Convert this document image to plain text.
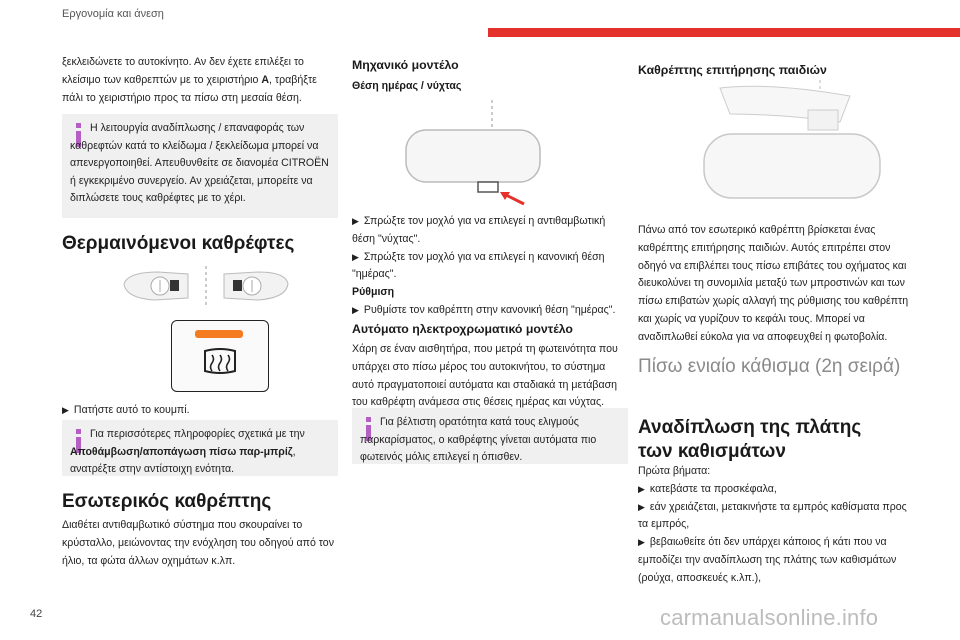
Εργονομία και άνεση
ξεκλειδώνετε το αυτοκίνητο. Αν δεν έχετε επιλέξει το κλείσιμο των καθρεπτών με το χειριστήριο A, τραβήξτε πάλι το χειριστήριο προς τα πίσω στη μεσαία θέση.
Η λειτουργία αναδίπλωσης / επαναφοράς των καθρεφτών κατά το κλείδωμα / ξεκλείδωμα μπορεί να απενεργοποιηθεί. Απευθυνθείτε σε διανομέα CITROËN ή εγκεκριμένο συνεργείο. Αν χρειάζεται, μπορείτε να διπλώσετε τους καθρέφτες με το χέρι.
Θερμαινόμενοι καθρέφτες
▶ Πατήστε αυτό το κουμπί.
Για περισσότερες πληροφορίες σχετικά με την Αποθάμβωση/αποπάγωση πίσω παρ-μπρίζ, ανατρέξτε στην αντίστοιχη ενότητα.
Εσωτερικός καθρέπτης
Διαθέτει αντιθαμβωτικό σύστημα που σκουραίνει το κρύσταλλο, μειώνοντας την ενόχληση του οδηγού από τον ήλιο, τα φώτα άλλων οχημάτων κ.λπ.
Μηχανικό μοντέλο
Θέση ημέρας / νύχτας

▶ Σπρώξτε τον μοχλό για να επιλεγεί η αντιθαμβωτική θέση "νύχτας".

▶ Σπρώξτε τον μοχλό για να επιλεγεί η κανονική θέση "ημέρας".

Ρύθμιση

▶ Ρυθμίστε τον καθρέπτη στην κανονική θέση "ημέρας".

Αυτόματο ηλεκτροχρωματικό μοντέλο
Χάρη σε έναν αισθητήρα, που μετρά τη φωτεινότητα που υπάρχει στο πίσω μέρος του αυτοκινήτου, το σύστημα αυτό πραγματοποιεί αυτόματα και σταδιακά τη μετάβαση του καθρέφτη ανάμεσα στις θέσεις ημέρας και νύχτας.
Για βέλτιστη ορατότητα κατά τους ελιγμούς παρκαρίσματος, ο καθρέφτης γίνεται αυτόματα πιο φωτεινός μόλις επιλεγεί η όπισθεν.
Καθρέπτης επιτήρησης παιδιών
Πάνω από τον εσωτερικό καθρέπτη βρίσκεται ένας καθρέπτης επιτήρησης παιδιών. Αυτός επιτρέπει στον οδηγό να επιβλέπει τους πίσω επιβάτες του οχήματος και διευκολύνει τη συνομιλία μεταξύ των μπροστινών και των πίσω επιβατών χωρίς αλλαγή της ρύθμισης του καθρέπτη και χωρίς να γυρίζουν το κεφάλι τους. Μπορεί να αναδιπλωθεί εύκολα για να αποφευχθεί η φωτοβολία.
Πίσω ενιαίο κάθισμα (2η σειρά)
Αναδίπλωση της πλάτης των καθισμάτων

Πρώτα βήματα:

▶ κατεβάστε τα προσκέφαλα,

▶ εάν χρειάζεται, μετακινήστε τα εμπρός καθίσματα προς τα εμπρός,

▶ βεβαιωθείτε ότι δεν υπάρχει κάποιος ή κάτι που να εμποδίζει την αναδίπλωση της πλάτης των καθισμάτων (ρούχα, αποσκευές κ.λπ.),

42	carmanualsonline.info
